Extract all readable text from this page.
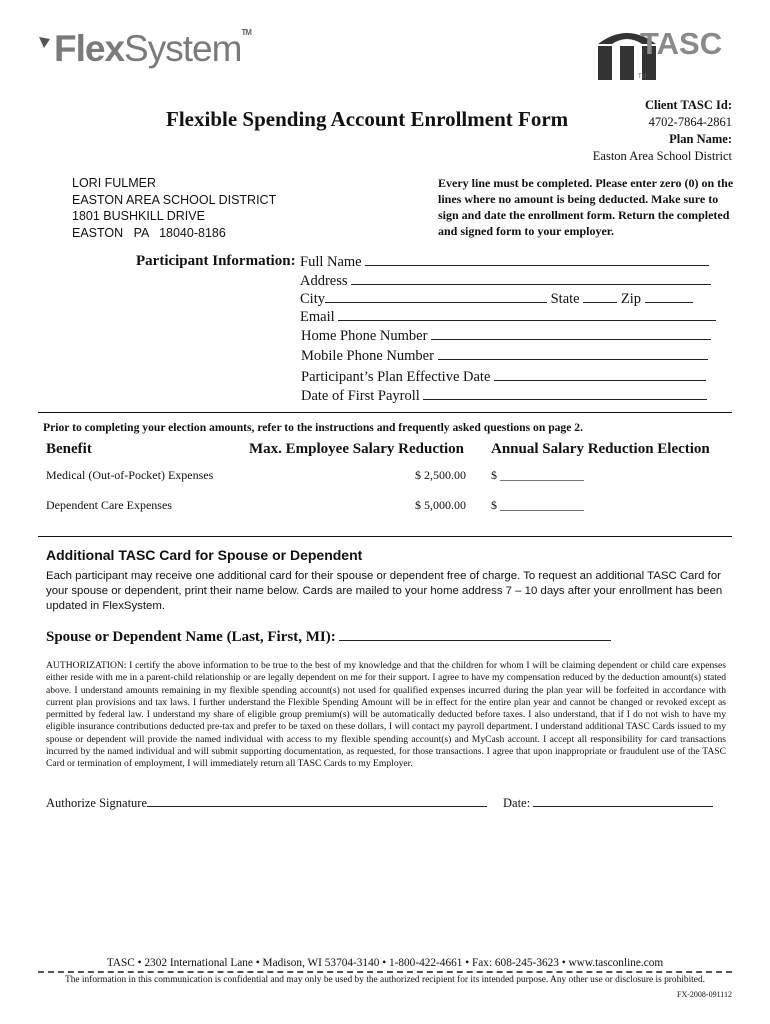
FlexSystem™	TASC
TM
Flexible Spending Account Enrollment Form
Client TASC Id:
4702-7864-2861
Plan Name:
Easton Area School District
LORI FULMER
EASTON AREA SCHOOL DISTRICT
1801 BUSHKILL DRIVE
EASTON   PA   18040-8186
Every line must be completed. Please enter zero (0) on the lines where no amount is being deducted. Make sure to sign and date the enrollment form. Return the completed and signed form to your employer.
Participant Information: Full Name
Address
City	State	Zip
Email
Home Phone Number
Mobile Phone Number
Participant’s Plan Effective Date
Date of First Payroll
Prior to completing your election amounts, refer to the instructions and frequently asked questions on page 2.
Benefit	Max. Employee Salary Reduction Annual Salary Reduction Election
Medical (Out-of-Pocket) Expenses	$ 2,500.00 $ ______________
Dependent Care Expenses	$ 5,000.00 $ ______________
Additional TASC Card for Spouse or Dependent
Each participant may receive one additional card for their spouse or dependent free of charge. To request an additional TASC Card for your spouse or dependent, print their name below. Cards are mailed to your home address 7 – 10 days after your enrollment has been updated in FlexSystem.
Spouse or Dependent Name (Last, First, MI):
AUTHORIZATION: I certify the above information to be true to the best of my knowledge and that the children for whom I will be claiming dependent or child care expenses either reside with me in a parent-child relationship or are legally dependent on me for their support. I agree to have my compensation reduced by the deduction amount(s) stated above. I understand amounts remaining in my flexible spending account(s) not used for qualified expenses incurred during the plan year will be forfeited in accordance with current plan provisions and tax laws. I further understand the Flexible Spending Amount will be in effect for the entire plan year and cannot be changed or revoked except as permitted by federal law. I understand my share of eligible group premium(s) will be automatically deducted before taxes. I also understand, that if I do not wish to have my eligible insurance contributions deducted pre-tax and prefer to be taxed on these dollars, I will contact my payroll department. I understand additional TASC Cards issued to my spouse or dependent will provide the named individual with access to my flexible spending account(s) and MyCash account. I accept all responsibility for card transactions incurred by the named individual and will submit supporting documentation, as requested, for those transactions. I agree that upon inappropriate or fraudulent use of the TASC Card or termination of employment, I will immediately return all TASC Cards to my Employer.
Authorize Signature	Date:
TASC • 2302 International Lane • Madison, WI 53704-3140 • 1-800-422-4661 • Fax: 608-245-3623 • www.tasconline.com
The information in this communication is confidential and may only be used by the authorized recipient for its intended purpose. Any other use or disclosure is prohibited.
FX-2008-091112
